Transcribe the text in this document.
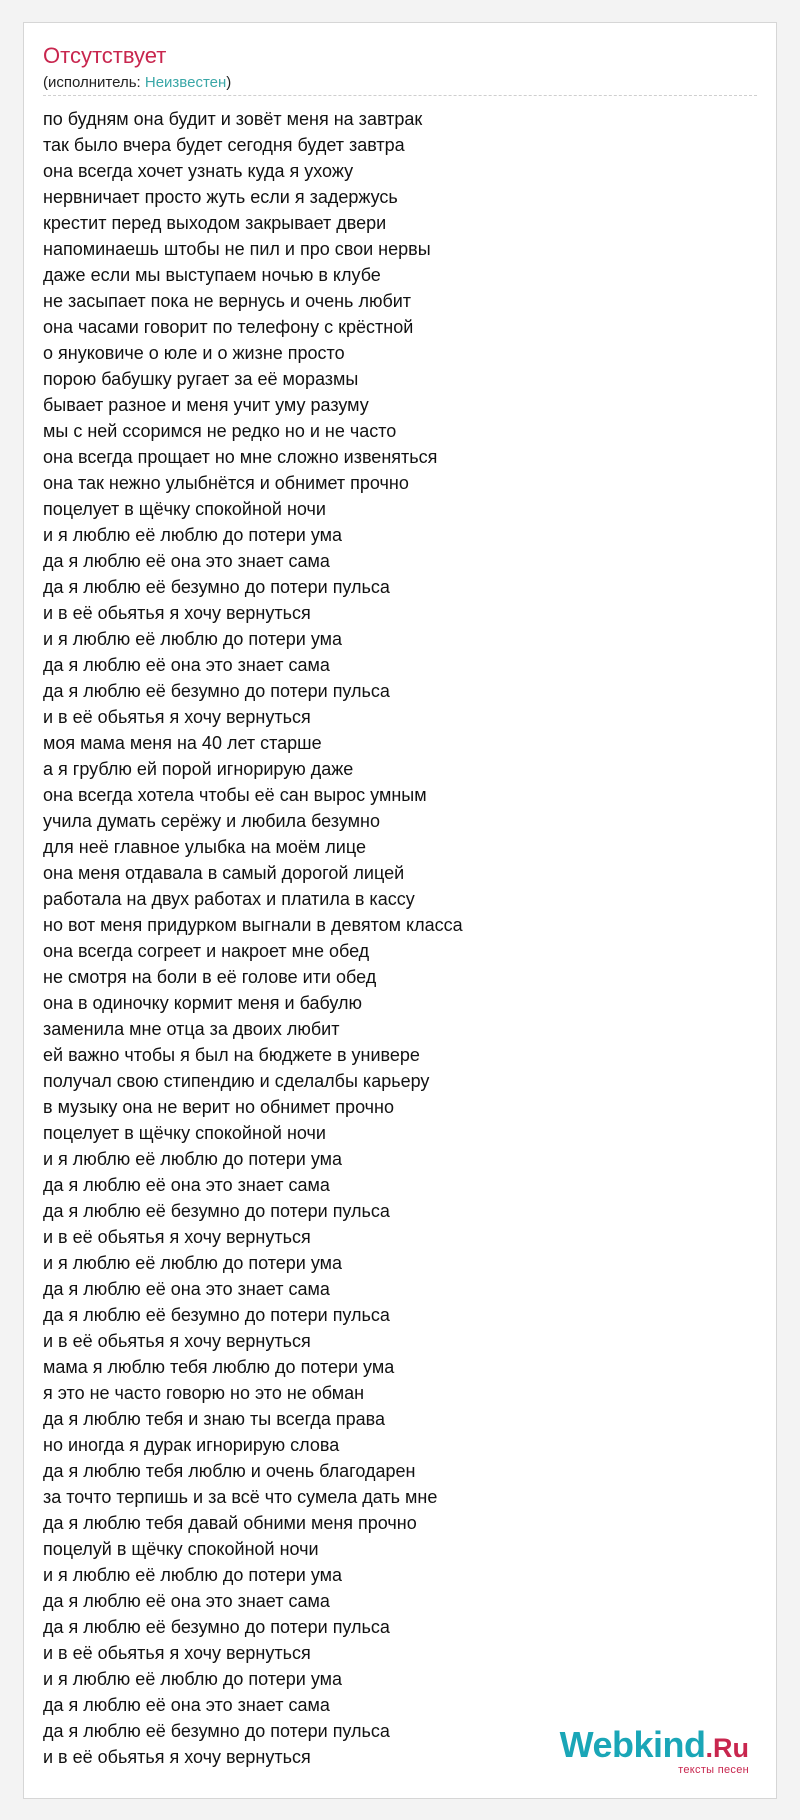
Отсутствует
(исполнитель: Неизвестен)
по будням она будит и зовёт меня на завтрак
так было вчера будет сегодня будет завтра
она всегда хочет узнать куда я ухожу
нервничает просто жуть если я задержусь
крестит перед выходом закрывает двери
напоминаешь штобы не пил и про свои нервы
даже если мы выступаем ночью в клубе
не засыпает пока не вернусь и очень любит
она часами говорит по телефону с крёстной
о януковиче о юле и о жизне просто
порою бабушку ругает за её моразмы
бывает разное и меня учит уму разуму
мы с ней ссоримся не редко но и не часто
она всегда прощает но мне сложно извеняться
она так нежно улыбнётся и обнимет прочно
поцелует в щёчку спокойной ночи
и я люблю её люблю до потери ума
да я люблю её она это знает сама
да я люблю её безумно до потери пульса
и в её обьятья я хочу вернуться
и я люблю её люблю до потери ума
да я люблю её она это знает сама
да я люблю её безумно до потери пульса
и в её обьятья я хочу вернуться
моя мама меня на 40 лет старше
а я грублю ей порой игнорирую даже
она всегда хотела чтобы её сан вырос умным
учила думать серёжу и любила безумно
для неё главное улыбка на моём лице
она меня отдавала в самый дорогой лицей
работала на двух работах и платила в кассу
но вот меня придурком выгнали в девятом класса
она всегда согреет и накроет мне обед
не смотря на боли в её голове ити обед
она в одиночку кормит меня и бабулю
заменила мне отца за двоих любит
ей важно чтобы я был на бюджете в универе
получал свою стипендию и сделалбы карьеру
в музыку она не верит но обнимет прочно
поцелует в щёчку спокойной ночи
и я люблю её люблю до потери ума
да я люблю её она это знает сама
да я люблю её безумно до потери пульса
и в её обьятья я хочу вернуться
и я люблю её люблю до потери ума
да я люблю её она это знает сама
да я люблю её безумно до потери пульса
и в её обьятья я хочу вернуться
мама я люблю тебя люблю до потери ума
я это не часто говорю но это не обман
да я люблю тебя и знаю ты всегда права
но иногда я дурак игнорирую слова
да я люблю тебя люблю и очень благодарен
за точто терпишь и за всё что сумела дать мне
да я люблю тебя давай обними меня прочно
поцелуй в щёчку спокойной ночи
и я люблю её люблю до потери ума
да я люблю её она это знает сама
да я люблю её безумно до потери пульса
и в её обьятья я хочу вернуться
и я люблю её люблю до потери ума
да я люблю её она это знает сама
да я люблю её безумно до потери пульса
и в её обьятья я хочу вернуться	Webkind.Ru
тексты песен
